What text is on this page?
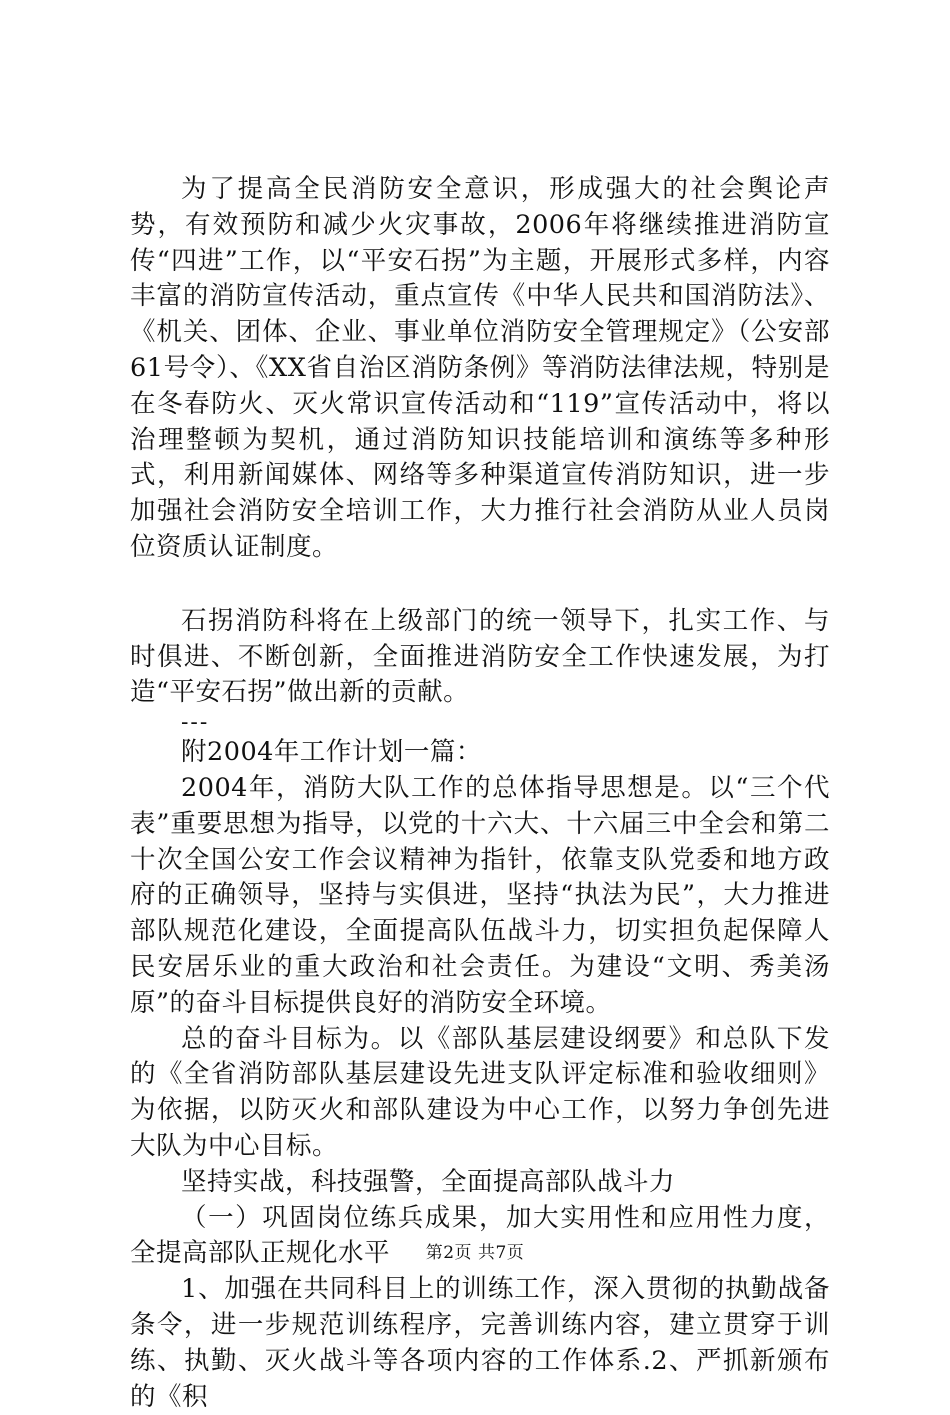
为了提高全民消防安全意识，形成强大的社会舆论声势，有效预防和减少火灾事故，2006年将继续推进消防宣传“四进”工作，以“平安石拐”为主题，开展形式多样，内容丰富的消防宣传活动，重点宣传《中华人民共和国消防法》、《机关、团体、企业、事业单位消防安全管理规定》（公安部61号令）、《XX省自治区消防条例》等消防法律法规，特别是在冬春防火、灭火常识宣传活动和“119”宣传活动中，将以治理整顿为契机，通过消防知识技能培训和演练等多种形式，利用新闻媒体、网络等多种渠道宣传消防知识，进一步加强社会消防安全培训工作，大力推行社会消防从业人员岗位资质认证制度。

石拐消防科将在上级部门的统一领导下，扎实工作、与时俱进、不断创新，全面推进消防安全工作快速发展，为打造“平安石拐”做出新的贡献。

---

附2004年工作计划一篇：

2004年，消防大队工作的总体指导思想是。以“三个代表”重要思想为指导，以党的十六大、十六届三中全会和第二十次全国公安工作会议精神为指针，依靠支队党委和地方政府的正确领导，坚持与实俱进，坚持“执法为民”，大力推进部队规范化建设，全面提高队伍战斗力，切实担负起保障人民安居乐业的重大政治和社会责任。为建设“文明、秀美汤原”的奋斗目标提供良好的消防安全环境。

总的奋斗目标为。以《部队基层建设纲要》和总队下发的《全省消防部队基层建设先进支队评定标准和验收细则》为依据，以防灭火和部队建设为中心工作，以努力争创先进大队为中心目标。

坚持实战，科技强警，全面提高部队战斗力

（一）巩固岗位练兵成果，加大实用性和应用性力度，全提高部队正规化水平

1、加强在共同科目上的训练工作，深入贯彻的执勤战备条令，进一步规范训练程序，完善训练内容，建立贯穿于训练、执勤、灭火战斗等各项内容的工作体系.2、严抓新颁布的《积

第2页 共7页
